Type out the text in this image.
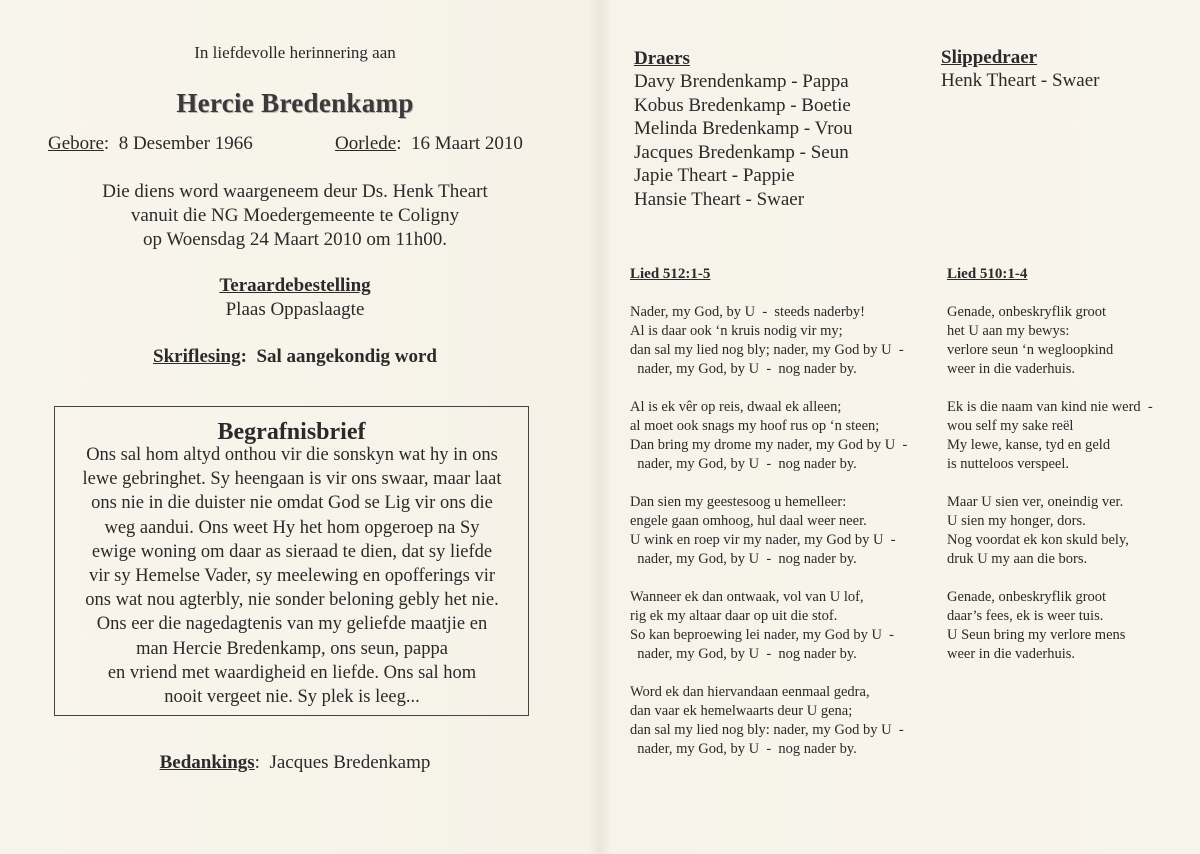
In liefdevolle herinnering aan
Hercie Bredenkamp
Gebore:  8 Desember 1966	Oorlede:  16 Maart 2010
Die diens word waargeneem deur Ds. Henk Theart
vanuit die NG Moedergemeente te Coligny
op Woensdag 24 Maart 2010 om 11h00.
Teraardebestelling
Plaas Oppaslaagte
Skriflesing:  Sal aangekondig word
Begrafnisbrief
Ons sal hom altyd onthou vir die sonskyn wat hy in ons
lewe gebringhet. Sy heengaan is vir ons swaar, maar laat
ons nie in die duister nie omdat God se Lig vir ons die
weg aandui. Ons weet Hy het hom opgeroep na Sy
ewige woning om daar as sieraad te dien, dat sy liefde
vir sy Hemelse Vader, sy meelewing en opofferings vir
ons wat nou agterbly, nie sonder beloning gebly het nie.
Ons eer die nagedagtenis van my geliefde maatjie en
man Hercie Bredenkamp, ons seun, pappa
en vriend met waardigheid en liefde. Ons sal hom
nooit vergeet nie. Sy plek is leeg...
Bedankings:  Jacques Bredenkamp
Draers
Davy Brendenkamp - Pappa
Kobus Bredenkamp - Boetie
Melinda Bredenkamp - Vrou
Jacques Bredenkamp - Seun
Japie Theart - Pappie
Hansie Theart - Swaer
Slippedraer
Henk Theart - Swaer
Lied 512:1-5	Lied 510:1-4
Nader, my God, by U  -  steeds naderby!
Al is daar ook ‘n kruis nodig vir my;
dan sal my lied nog bly; nader, my God by U  -
nader, my God, by U  -  nog nader by.
Al is ek vêr op reis, dwaal ek alleen;
al moet ook snags my hoof rus op ‘n steen;
Dan bring my drome my nader, my God by U  -
nader, my God, by U  -  nog nader by.
Dan sien my geestesoog u hemelleer:
engele gaan omhoog, hul daal weer neer.
U wink en roep vir my nader, my God by U  -
nader, my God, by U  -  nog nader by.
Wanneer ek dan ontwaak, vol van U lof,
rig ek my altaar daar op uit die stof.
So kan beproewing lei nader, my God by U  -
nader, my God, by U  -  nog nader by.
Word ek dan hiervandaan eenmaal gedra,
dan vaar ek hemelwaarts deur U gena;
dan sal my lied nog bly: nader, my God by U  -
nader, my God, by U  -  nog nader by.
Genade, onbeskryflik groot
het U aan my bewys:
verlore seun ‘n wegloopkind
weer in die vaderhuis.
Ek is die naam van kind nie werd  -
wou self my sake reël
My lewe, kanse, tyd en geld
is nutteloos verspeel.
Maar U sien ver, oneindig ver.
U sien my honger, dors.
Nog voordat ek kon skuld bely,
druk U my aan die bors.
Genade, onbeskryflik groot
daar’s fees, ek is weer tuis.
U Seun bring my verlore mens
weer in die vaderhuis.
